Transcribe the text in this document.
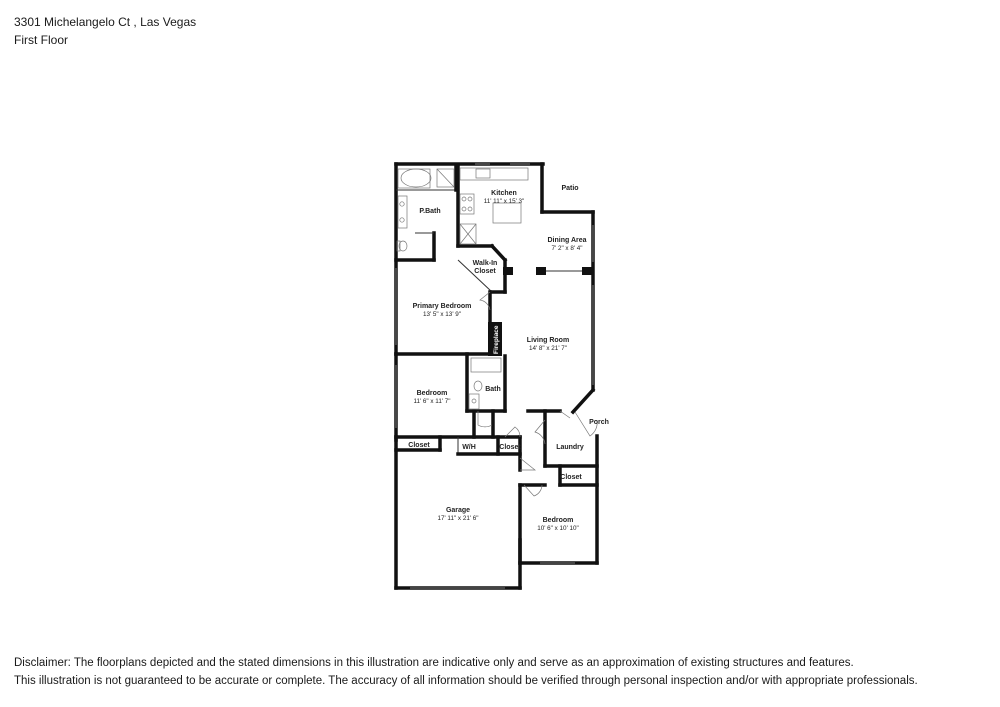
3301 Michelangelo Ct , Las Vegas
First Floor
Kitchen
11' 11" x 15' 3"
Patio
P.Bath
Dining Area
7' 2" x 8' 4"
Walk-In
Closet
Primary Bedroom
13' 5" x 13' 9"
Fireplace	Living Room
14' 8" x 21' 7"
Bath
Bedroom
11' 6" x 11' 7"
Porch
Laundry
Closet	W/H	Closet
Closet
Garage
17' 11" x 21' 6"	Bedroom
10' 6" x 10' 10"
Disclaimer: The floorplans depicted and the stated dimensions in this illustration are indicative only and serve as an approximation of existing structures and features.
This illustration is not guaranteed to be accurate or complete. The accuracy of all information should be verified through personal inspection and/or with appropriate professionals.
